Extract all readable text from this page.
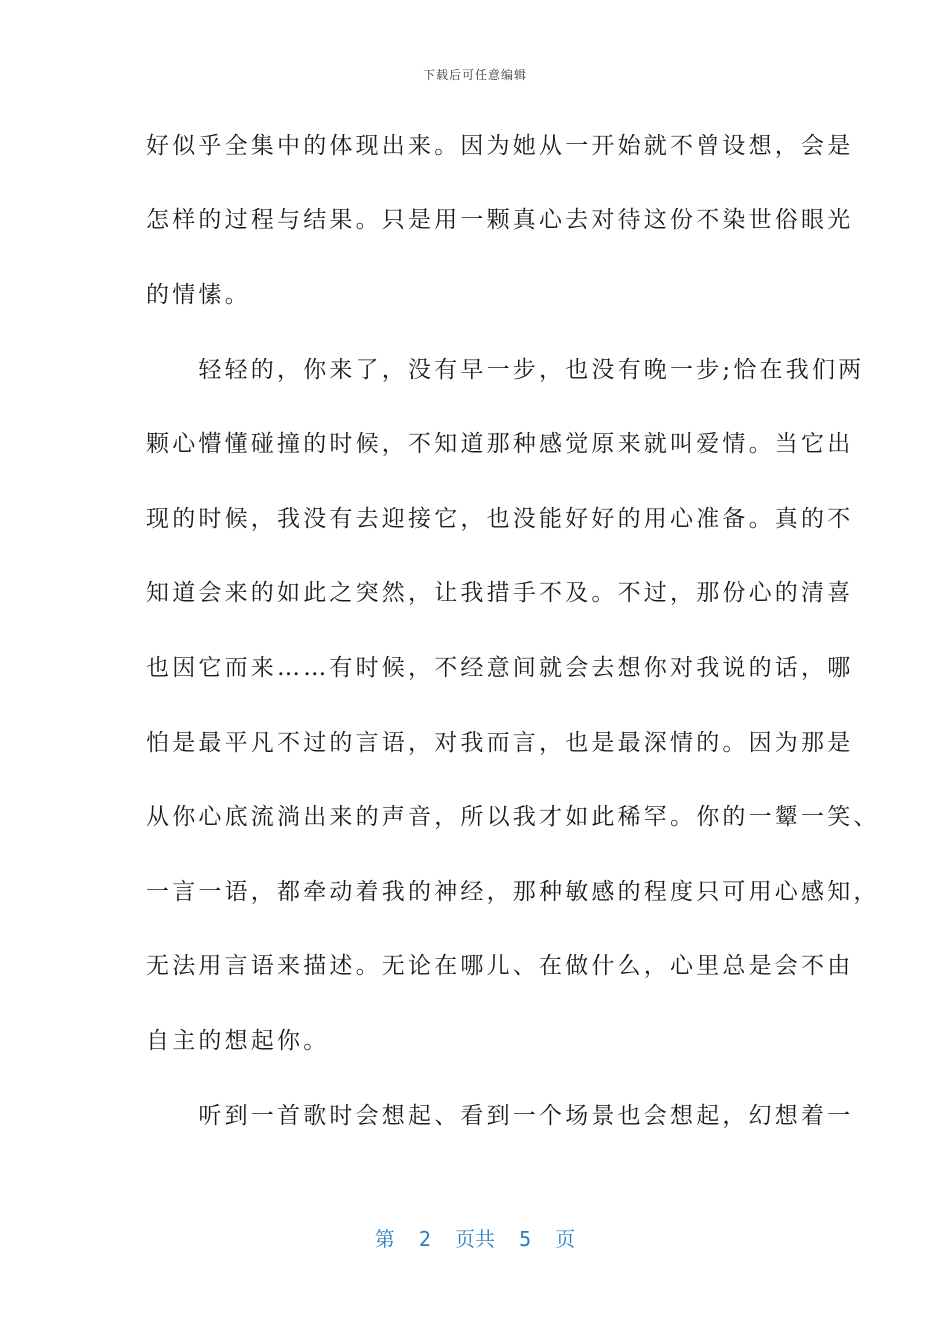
下载后可任意编辑
好似乎全集中的体现出来。因为她从一开始就不曾设想，会是
怎样的过程与结果。只是用一颗真心去对待这份不染世俗眼光
的情愫。
　　轻轻的，你来了，没有早一步，也没有晚一步;恰在我们两
颗心懵懂碰撞的时候，不知道那种感觉原来就叫爱情。当它出
现的时候，我没有去迎接它，也没能好好的用心准备。真的不
知道会来的如此之突然，让我措手不及。不过，那份心的清喜
也因它而来……有时候，不经意间就会去想你对我说的话，哪
怕是最平凡不过的言语，对我而言，也是最深情的。因为那是
从你心底流淌出来的声音，所以我才如此稀罕。你的一颦一笑、
一言一语，都牵动着我的神经，那种敏感的程度只可用心感知，
无法用言语来描述。无论在哪儿、在做什么，心里总是会不由
自主的想起你。
　　听到一首歌时会想起、看到一个场景也会想起，幻想着一
第  2  页共  5  页
